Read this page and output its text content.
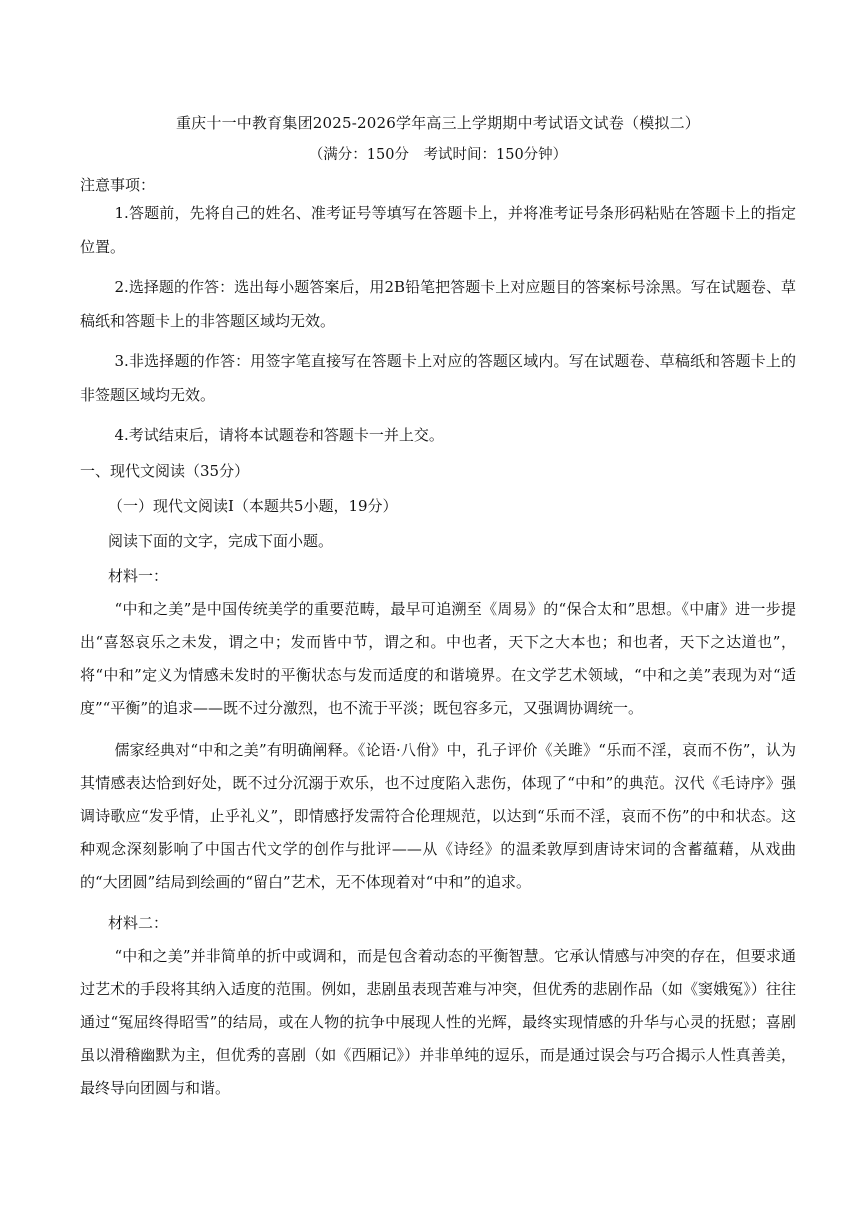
重庆十一中教育集团2025-2026学年高三上学期期中考试语文试卷（模拟二）

（满分：150分　考试时间：150分钟）

注意事项：

1.答题前，先将自己的姓名、准考证号等填写在答题卡上，并将准考证号条形码粘贴在答题卡上的指定位置。
2.选择题的作答：选出每小题答案后，用2B铅笔把答题卡上对应题目的答案标号涂黑。写在试题卷、草稿纸和答题卡上的非答题区域均无效。
3.非选择题的作答：用签字笔直接写在答题卡上对应的答题区域内。写在试题卷、草稿纸和答题卡上的非签题区域均无效。
4.考试结束后，请将本试题卷和答题卡一并上交。

一、现代文阅读（35分）

（一）现代文阅读Ⅰ（本题共5小题，19分）

阅读下面的文字，完成下面小题。

材料一：

“中和之美”是中国传统美学的重要范畴，最早可追溯至《周易》的“保合太和”思想。《中庸》进一步提出“喜怒哀乐之未发，谓之中；发而皆中节，谓之和。中也者，天下之大本也；和也者，天下之达道也”，将“中和”定义为情感未发时的平衡状态与发而适度的和谐境界。在文学艺术领域，“中和之美”表现为对“适度”“平衡”的追求——既不过分激烈，也不流于平淡；既包容多元，又强调协调统一。

儒家经典对“中和之美”有明确阐释。《论语·八佾》中，孔子评价《关雎》“乐而不淫，哀而不伤”，认为其情感表达恰到好处，既不过分沉溺于欢乐，也不过度陷入悲伤，体现了“中和”的典范。汉代《毛诗序》强调诗歌应“发乎情，止乎礼义”，即情感抒发需符合伦理规范，以达到“乐而不淫，哀而不伤”的中和状态。这种观念深刻影响了中国古代文学的创作与批评——从《诗经》的温柔敦厚到唐诗宋词的含蓄蕴藉，从戏曲的“大团圆”结局到绘画的“留白”艺术，无不体现着对“中和”的追求。

材料二：

“中和之美”并非简单的折中或调和，而是包含着动态的平衡智慧。它承认情感与冲突的存在，但要求通过艺术的手段将其纳入适度的范围。例如，悲剧虽表现苦难与冲突，但优秀的悲剧作品（如《窦娥冤》）往往通过“冤屈终得昭雪”的结局，或在人物的抗争中展现人性的光辉，最终实现情感的升华与心灵的抚慰；喜剧虽以滑稽幽默为主，但优秀的喜剧（如《西厢记》）并非单纯的逗乐，而是通过误会与巧合揭示人性真善美，最终导向团圆与和谐。
